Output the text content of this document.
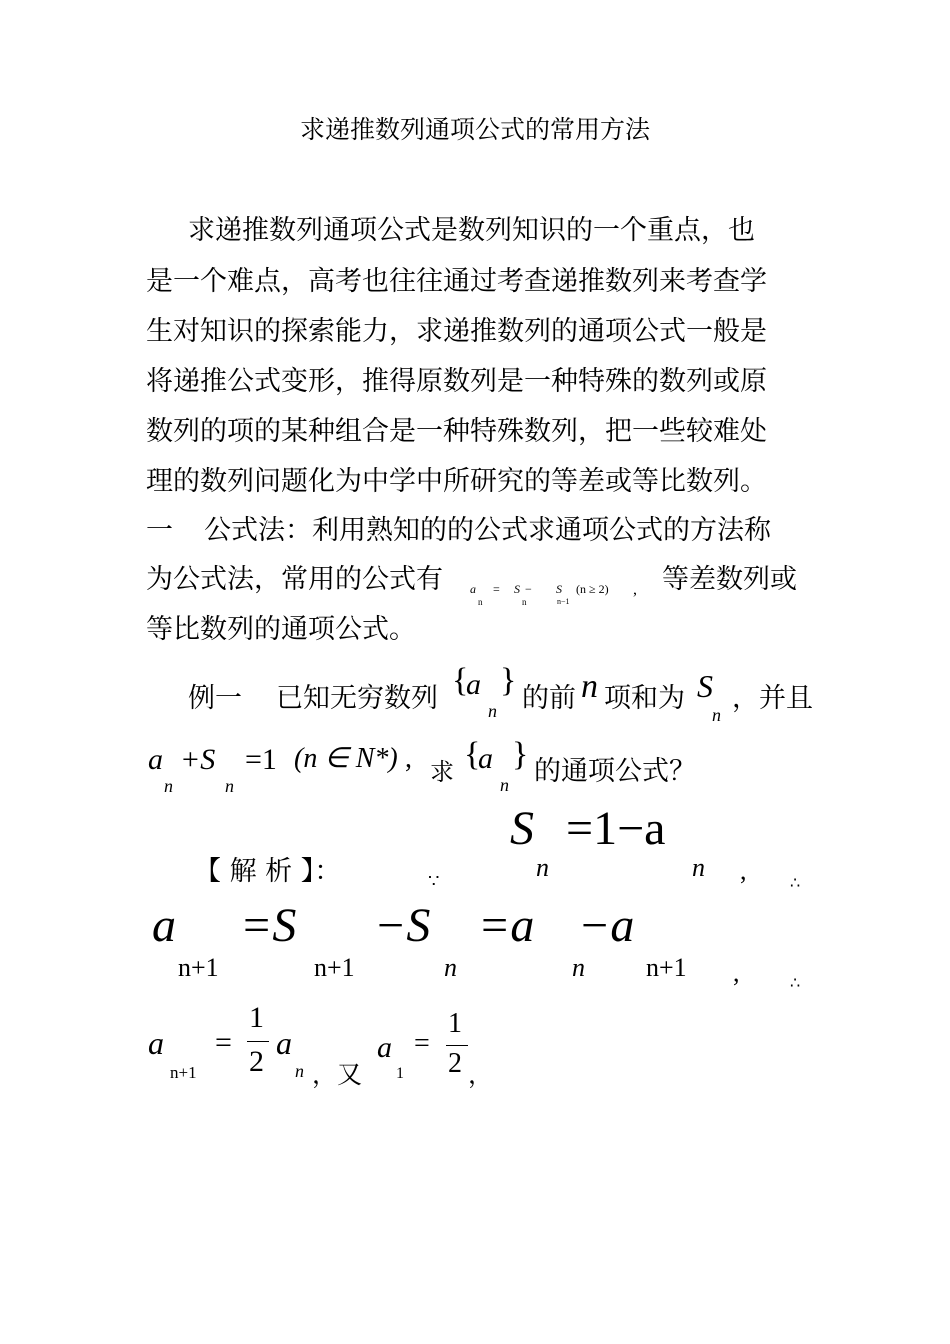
求递推数列通项公式的常用方法
求递推数列通项公式是数列知识的一个重点，也
是一个难点，高考也往往通过考查递推数列来考查学
生对知识的探索能力，求递推数列的通项公式一般是
将递推公式变形，推得原数列是一种特殊的数列或原
数列的项的某种组合是一种特殊数列，把一些较难处
理的数列问题化为中学中所研究的等差或等比数列。
一 公式法：利用熟知的的公式求通项公式的方法称
为公式法，常用的公式有 a
n
= S −
n
S
n−1
(n ≥ 2) , 等差数列或
等比数列的通项公式。
例一 已知无穷数列 {
a
n
} 的前 n 项和为 S
n
，并且
a
n
+S
n
=1 (n ∈ N*) , 求 {
a
n
} 的通项公式？
S =1−a
【 解 析 】：	∵	n	n ,	∴
a
n+1
=S
n+1
−S
n
=a
n
−a
n+1 ,	∴
a
n+1
=
1
2
a
n ，又
a
1
=
1
2 ，
